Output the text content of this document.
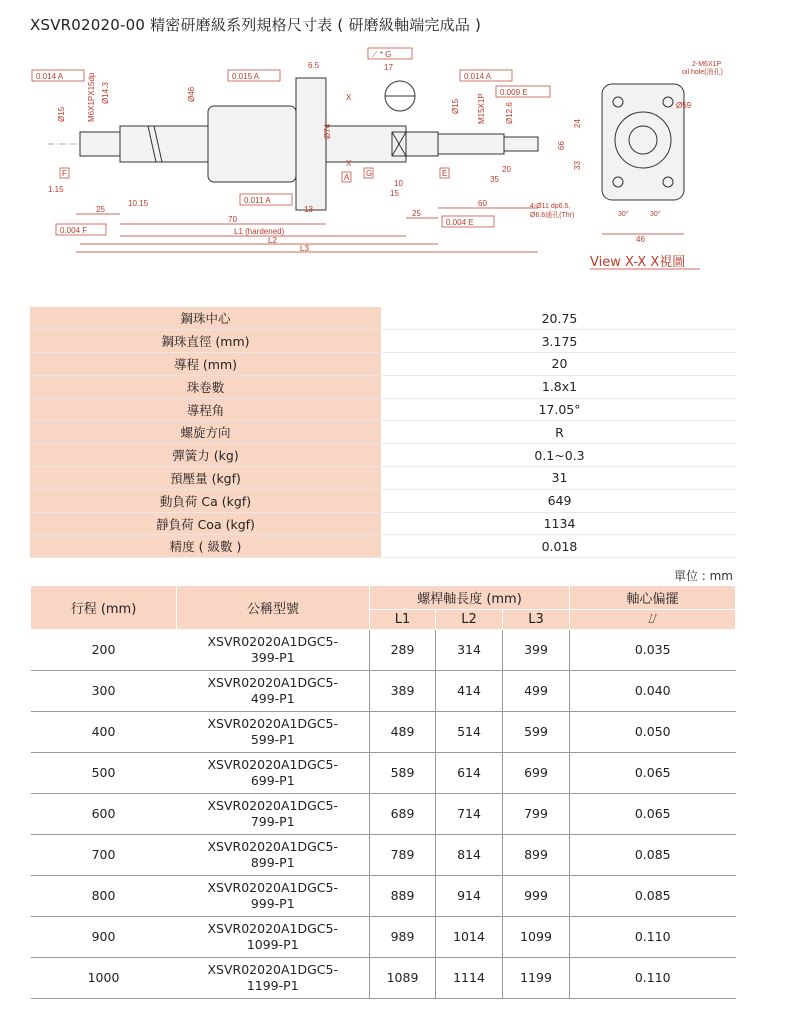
XSVR02020-00 精密研磨級系列規格尺寸表 ( 研磨級軸端完成品 )
0.014 A	0.015 A	0.014 A
0.009 E
⟋ * G
0.011 A
0.004 F
0.004 E
Ø15	M6X1PX15dp Ø14.3	Ø46
Ø74
Ø15 M15X1P Ø12.6
6.5	17
X
X
F	A G	E
1.15
25
10.15
70
13
10
15
20
35
60
25
L1 (hardened)
L2
L3
2-M6X1P
oil hole(油孔)
Ø59
66
24
33
4-Ø11 dp6.5,
Ø6.6通孔(Thr)	30°	30°
46
View X-X X視圖
鋼珠中心	20.75
鋼珠直徑 (mm)	3.175
導程 (mm)	20
珠卷數	1.8x1
導程角	17.05°
螺旋方向	R
彈簧力 (kg)	0.1~0.3
預壓量 (kgf)	31
動負荷 Ca (kgf)	649
靜負荷 Coa (kgf)	1134
精度 ( 級數 )	0.018
單位 : mm
行程 (mm)	公稱型號	螺桿軸長度 (mm)			軸心偏擺
		L1	L2	L3	⌰
200	XSVR02020A1DGC5-
399-P1	289	314	399	0.035
300	XSVR02020A1DGC5-
499-P1	389	414	499	0.040
400	XSVR02020A1DGC5-
599-P1	489	514	599	0.050
500	XSVR02020A1DGC5-
699-P1	589	614	699	0.065
600	XSVR02020A1DGC5-
799-P1	689	714	799	0.065
700	XSVR02020A1DGC5-
899-P1	789	814	899	0.085
800	XSVR02020A1DGC5-
999-P1	889	914	999	0.085
900	XSVR02020A1DGC5-
1099-P1	989	1014	1099	0.110
1000	XSVR02020A1DGC5-
1199-P1	1089	1114	1199	0.110
